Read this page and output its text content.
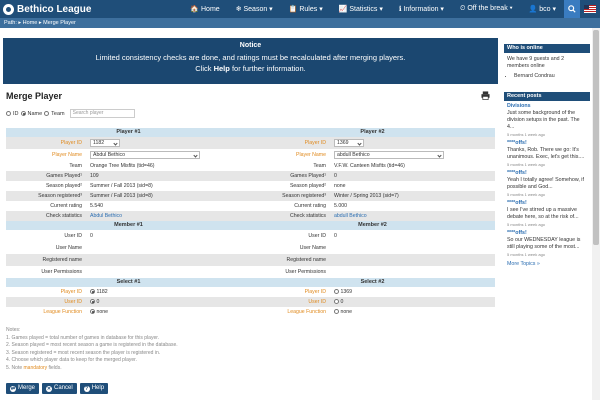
Bethico League	🏠 Home	❄ Season ▾	📋 Rules ▾	📈 Statistics ▾	ℹ Information ▾	⏲ Off the break ▾	👤 bco ▾
Path: ▸ Home ▸ Merge Player
Notice
Limited consistency checks are done, and ratings must be recalculated after merging players.
Click Help for further information.
Merge Player
ID Name Team	Search player
Player #1
Player ID	1182
Player Name	Abdul Bethico
Team	Orange Tree Misfits (tid=46)
Games Played¹	109
Season played²	Summer / Fall 2013 (sid=8)
Season registered³	Summer / Fall 2013 (sid=8)
Current rating	5.540
Check statistics	Abdul Bethico
Member #1
User ID	0
User Name
Registered name
User Permissions
Select #1
Player ID	1182
User ID	0
League Function	none
Player #2
Player ID	1369
Player Name	abdull Bethico
Team	V.F.W. Canteen Misfits (tid=46)
Games Played¹	0
Season played²	none
Season registered³	Winter / Spring 2013 (sid=7)
Current rating	5.000
Check statistics	abdull Bethico
Member #2
User ID	0
User Name
Registered name
User Permissions
Select #2
Player ID	1369
User ID	0
League Function	none
Notes:
1. Games played = total number of games in database for this player.
2. Season played = most recent season a game is registered in the database.
3. Season registered = most recent season the player is registered in.
4. Choose which player data to keep for the merged player.
5. Note mandatory fields.
⇄ Merge ✕ Cancel ? Help
Who is online
We have 9 guests and 2 members online
• Bernard Condrau
Recent posts
Divisions
Just some background of the division setups in the past. The 4...
5 months 1 week ago
****offs!
Thanks, Rob. There we go: It's unanimous. Exec, let's get this....
5 months 1 week ago
****offs!
Yeah I totally agree! Somehow, if possible and God...
5 months 1 week ago
****offs!
I see I've stirred up a massive debate here, so at the risk of...
5 months 1 week ago
****offs!
So our WEDNESDAY league is still playing some of the most...
5 months 1 week ago
More Topics »
